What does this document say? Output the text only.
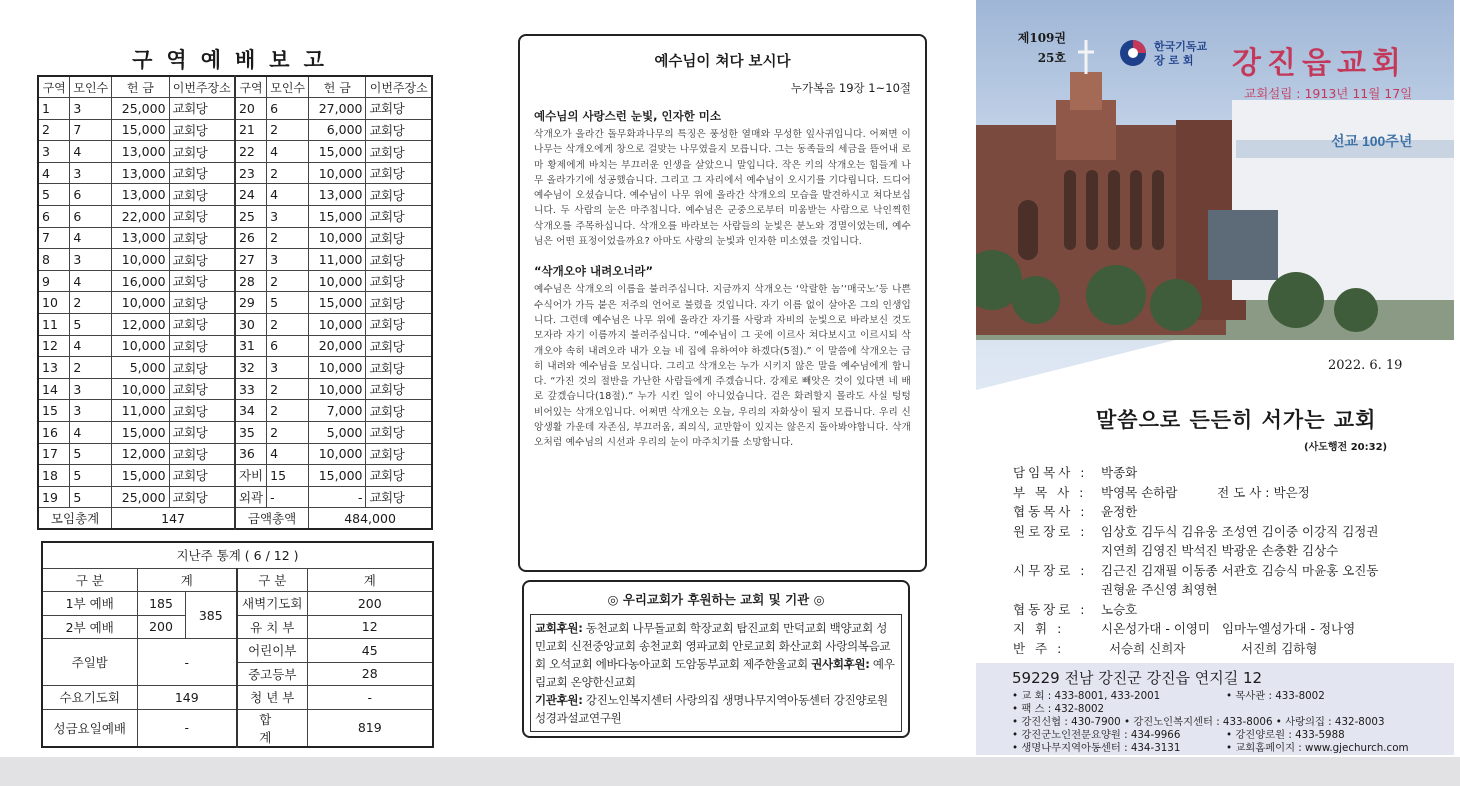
구역예배보고
구역	모인수	헌 금	이번주장소	구역	모인수	헌 금	이번주장소
1	3	25,000	교회당	20	6	27,000	교회당
2	7	15,000	교회당	21	2	6,000	교회당
3	4	13,000	교회당	22	4	15,000	교회당
4	3	13,000	교회당	23	2	10,000	교회당
5	6	13,000	교회당	24	4	13,000	교회당
6	6	22,000	교회당	25	3	15,000	교회당
7	4	13,000	교회당	26	2	10,000	교회당
8	3	10,000	교회당	27	3	11,000	교회당
9	4	16,000	교회당	28	2	10,000	교회당
10	2	10,000	교회당	29	5	15,000	교회당
11	5	12,000	교회당	30	2	10,000	교회당
12	4	10,000	교회당	31	6	20,000	교회당
13	2	5,000	교회당	32	3	10,000	교회당
14	3	10,000	교회당	33	2	10,000	교회당
15	3	11,000	교회당	34	2	7,000	교회당
16	4	15,000	교회당	35	2	5,000	교회당
17	5	12,000	교회당	36	4	10,000	교회당
18	5	15,000	교회당	자비	15	15,000	교회당
19	5	25,000	교회당	외곽	-	-	교회당
모임총계		147		금액총액		484,000	
지난주 통계 ( 6 / 12 )				
구 분	계		구 분	계
1부 예배	185	385	새벽기도회	200
2부 예배	200		유 치 부	12
주일밤	-		어린이부	45
			중고등부	28
수요기도회	149		청 년 부	-
성금요일예배	-		합 계	819
예수님이 쳐다 보시다
누가복음 19장 1~10절
예수님의 사랑스런 눈빛, 인자한 미소
삭개오가 올라간 돌무화과나무의 특징은 풍성한 열매와 무성한 잎사귀입니다. 어쩌면 이 나무는 삭개오에게 창으로 걸맞는 나무였을지 모릅니다. 그는 동족들의 세금을 뜯어내 로마 황제에게 바치는 부끄러운 인생을 살았으니 말입니다. 작은 키의 삭개오는 힘들게 나무 올라가기에 성공했습니다. 그리고 그 자리에서 예수님이 오시기를 기다립니다. 드디어 예수님이 오셨습니다. 예수님이 나무 위에 올라간 삭개오의 모습을 발견하시고 쳐다보십니다. 두 사람의 눈은 마주칩니다. 예수님은 군중으로부터 미움받는 사람으로 낙인찍힌 삭개오를 주목하십니다. 삭개오를 바라보는 사람들의 눈빛은 분노와 경멸이었는데, 예수님은 어떤 표정이었을까요? 아마도 사랑의 눈빛과 인자한 미소였을 것입니다.
“삭개오야 내려오너라”
예수님은 삭개오의 이름을 불러주십니다. 지금까지 삭개오는 ‘악랄한 놈’‘매국노’등 나쁜 수식어가 가득 붙은 저주의 언어로 불렸을 것입니다. 자기 이름 없이 살아온 그의 인생입니다. 그런데 예수님은 나무 위에 올라간 자기를 사랑과 자비의 눈빛으로 바라보신 것도 모자라 자기 이름까지 불러주십니다. “예수님이 그 곳에 이르사 쳐다보시고 이르시되 삭개오야 속히 내려오라 내가 오늘 네 집에 유하여야 하겠다(5절).” 이 말씀에 삭개오는 급히 내려와 예수님을 모십니다. 그리고 삭개오는 누가 시키지 않은 말을 예수님에게 합니다. “가진 것의 절반을 가난한 사람들에게 주겠습니다. 강제로 빼앗은 것이 있다면 네 배로 갚겠습니다(18절).” 누가 시킨 일이 아니었습니다. 겉은 화려할지 몰라도 사실 텅텅 비어있는 삭개오입니다. 어쩌면 삭개오는 오늘, 우리의 자화상이 될지 모릅니다. 우리 신앙생활 가운데 자존심, 부끄러움, 죄의식, 교만함이 있지는 않은지 돌아봐야합니다. 삭개오처럼 예수님의 시선과 우리의 눈이 마주치기를 소망합니다.
◎ 우리교회가 후원하는 교회 및 기관 ◎
교회후원: 동천교회 나무돌교회 학장교회 탐진교회 만덕교회 백양교회 성민교회 신전중앙교회 송천교회 영파교회 안로교회 화산교회 사랑의복음교회 오석교회 에바다농아교회 도암동부교회 제주한울교회 권사회후원: 예우림교회 온양한신교회
기관후원: 강진노인복지센터 사랑의집 생명나무지역아동센터 강진양로원 성경과설교연구원
선교 100주년
제109권
25호
한국기독교
장 로 회	강진읍교회
교회설립 : 1913년 11월 17일
2022. 6. 19
말씀으로 든든히 서가는 교회
(사도행전 20:32)
담임목사 :	박종화
부 목 사 :	박영목 손하람          전 도 사 : 박은정
협동목사 :	윤정한
원로장로 :	임상호 김두식 김유웅 조성연 김이중 이강직 김정권
지연희 김영진 박석진 박광운 손충환 김상수
시무장로 :	김근진 김재필 이동종 서관호 김승식 마윤홍 오진동
권형윤 주신영 최영현
협동장로 :	노승호
지 휘 :	시온성가대 - 이영미   임마누엘성가대 - 정나영
반 주 :	서승희 신희자              서진희 김하형
59229 전남 강진군 강진읍 연지길 12
• 교 회 : 433-8001, 433-2001	• 목사관 : 433-8002
• 팩 스 : 432-8002
• 강진신협 : 430-7900 • 강진노인복지센터 : 433-8006 • 사랑의집 : 432-8003
• 강진군노인전문요양원 : 434-9966	• 강진양로원 : 433-5988
• 생명나무지역아동센터 : 434-3131	• 교회홈페이지 : www.gjechurch.com
